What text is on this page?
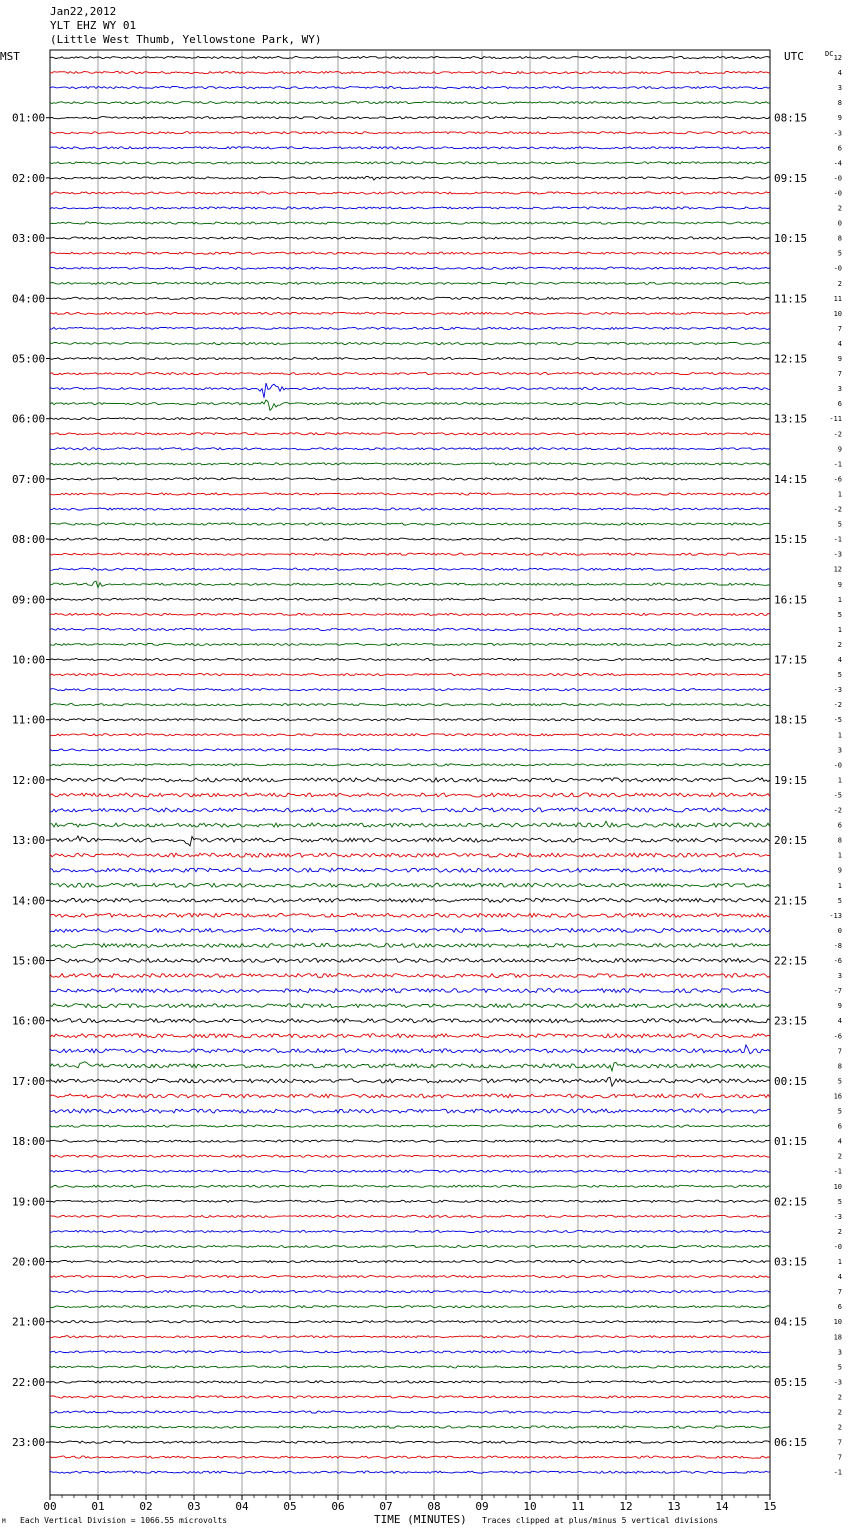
Jan22,2012
YLT EHZ WY 01
(Little West Thumb, Yellowstone Park, WY)
MST	UTC	DC
00	01	02	03	04	05	06	07	08	09	10	11	12	13	14	15
12
4
3
8
9
-3
6
-4
-0
-0
2
0
8
5
-0
2
11
10
7
4
9
7
3
6
-11
-2
9
-1
-6
1
-2
5
-1
-3
12
9
1
5
1
2
4
5
-3
-2
-5
1
3
-0
1
-5
-2
6
8
1
9
1
5
-13
0
-8
-6
3
-7
9
4
-6
7
8
5
16
5
6
4
2
-1
10
5
-3
2
-0
1
4
7
6
10
18
3
5
-3
2
2
2
7
7
-1
01:00
02:00
03:00
04:00
05:00
06:00
07:00
08:00
09:00
10:00
11:00
12:00
13:00
14:00
15:00
16:00
17:00
18:00
19:00
20:00
21:00
22:00
23:00
08:15
09:15
10:15
11:15
12:15
13:15
14:15
15:15
16:15
17:15
18:15
19:15
20:15
21:15
22:15
23:15
00:15
01:15
02:15
03:15
04:15
05:15
06:15
M Each Vertical Division = 1066.55 microvolts	TIME (MINUTES) Traces clipped at plus/minus 5 vertical divisions
